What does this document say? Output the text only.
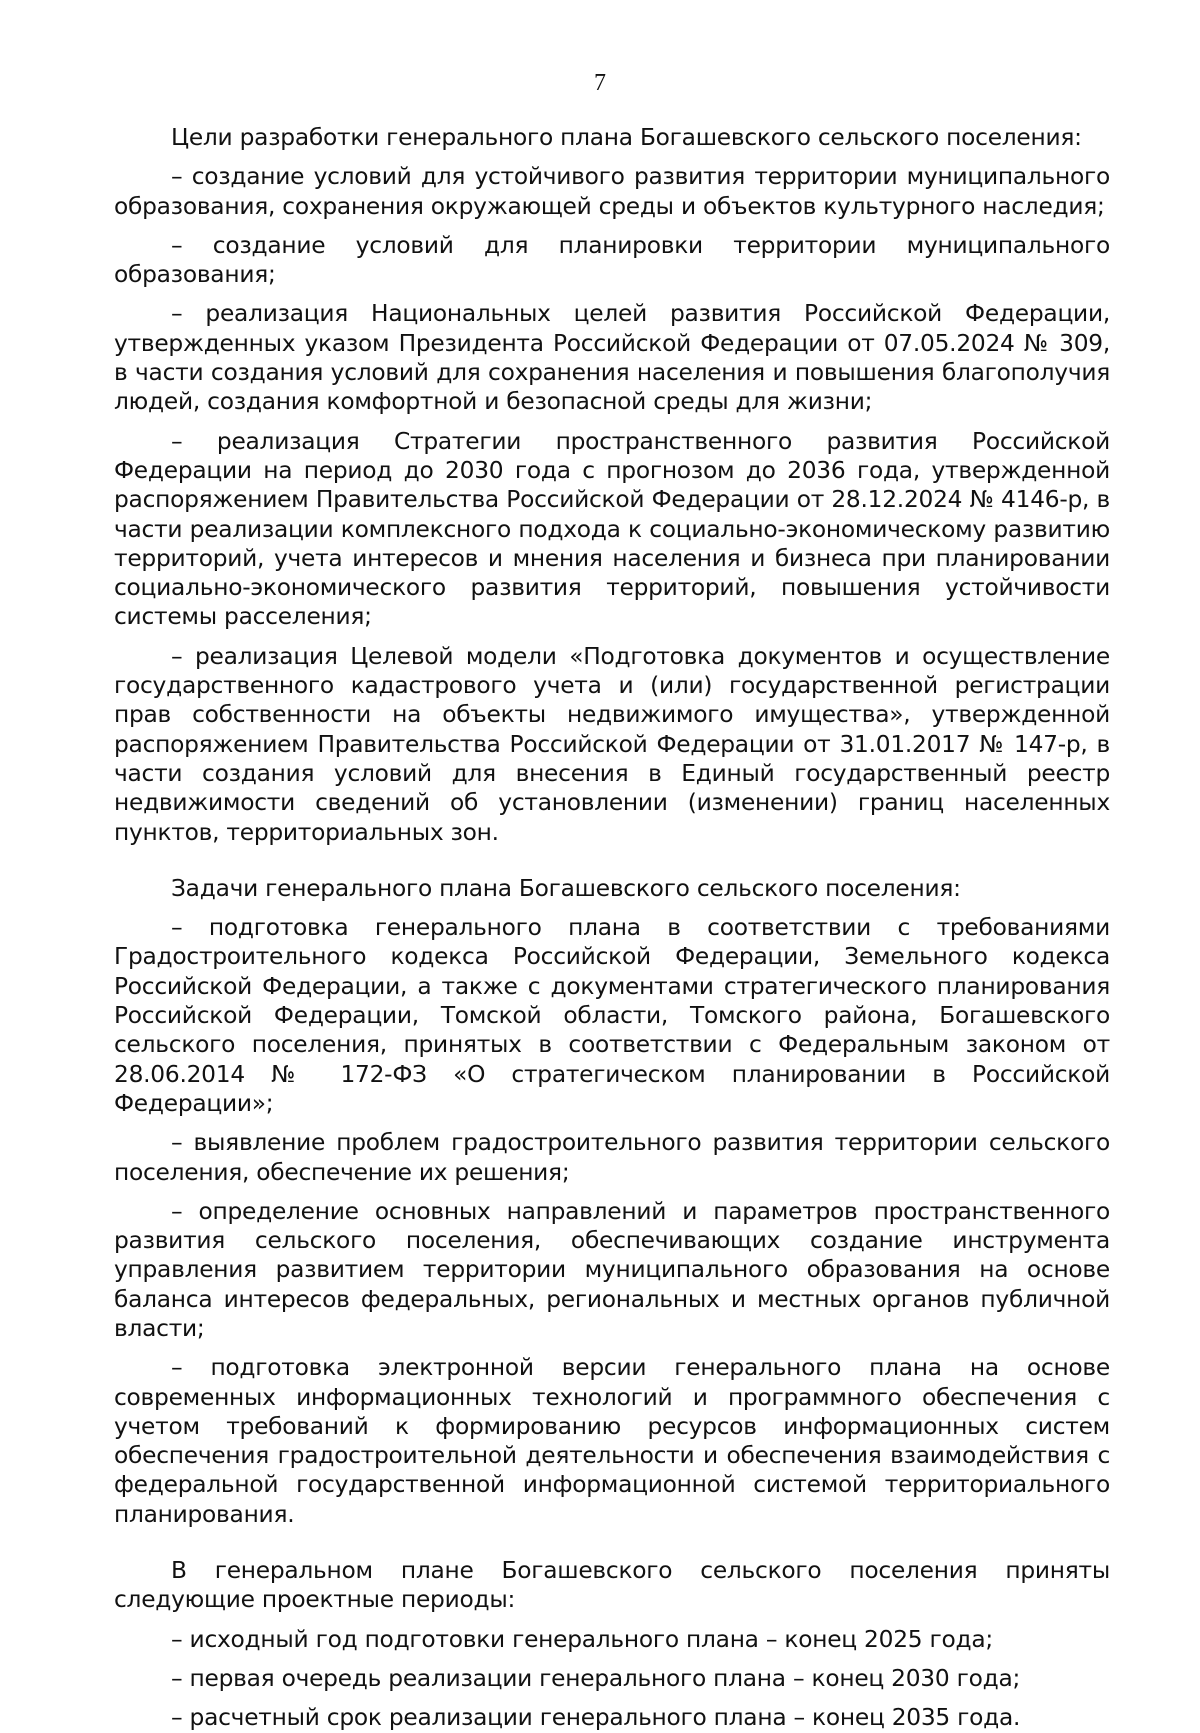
7

Цели разработки генерального плана Богашевского сельского поселения:

– создание условий для устойчивого развития территории муниципального образования, сохранения окружающей среды и объектов культурного наследия;

– создание условий для планировки территории муниципального образования;

– реализация Национальных целей развития Российской Федерации, утвержденных указом Президента Российской Федерации от 07.05.2024 № 309, в части создания условий для сохранения населения и повышения благополучия людей, создания комфортной и безопасной среды для жизни;

– реализация Стратегии пространственного развития Российской Федерации на период до 2030 года с прогнозом до 2036 года, утвержденной распоряжением Правительства Российской Федерации от 28.12.2024 № 4146-р, в части реализации комплексного подхода к социально-экономическому развитию территорий, учета интересов и мнения населения и бизнеса при планировании социально-экономического развития территорий, повышения устойчивости системы расселения;

– реализация Целевой модели «Подготовка документов и осуществление государственного кадастрового учета и (или) государственной регистрации прав собственности на объекты недвижимого имущества», утвержденной распоряжением Правительства Российской Федерации от 31.01.2017 № 147-р, в части создания условий для внесения в Единый государственный реестр недвижимости сведений об установлении (изменении) границ населенных пунктов, территориальных зон.

Задачи генерального плана Богашевского сельского поселения:

– подготовка генерального плана в соответствии с требованиями Градостроительного кодекса Российской Федерации, Земельного кодекса Российской Федерации, а также с документами стратегического планирования Российской Федерации, Томской области, Томского района, Богашевского сельского поселения, принятых в соответствии с Федеральным законом от 28.06.2014 № 172-ФЗ «О стратегическом планировании в Российской Федерации»;

– выявление проблем градостроительного развития территории сельского поселения, обеспечение их решения;

– определение основных направлений и параметров пространственного развития сельского поселения, обеспечивающих создание инструмента управления развитием территории муниципального образования на основе баланса интересов федеральных, региональных и местных органов публичной власти;

– подготовка электронной версии генерального плана на основе современных информационных технологий и программного обеспечения с учетом требований к формированию ресурсов информационных систем обеспечения градостроительной деятельности и обеспечения взаимодействия с федеральной государственной информационной системой территориального планирования.

В генеральном плане Богашевского сельского поселения приняты следующие проектные периоды:

– исходный год подготовки генерального плана – конец 2025 года;

– первая очередь реализации генерального плана – конец 2030 года;

– расчетный срок реализации генерального плана – конец 2035 года.
